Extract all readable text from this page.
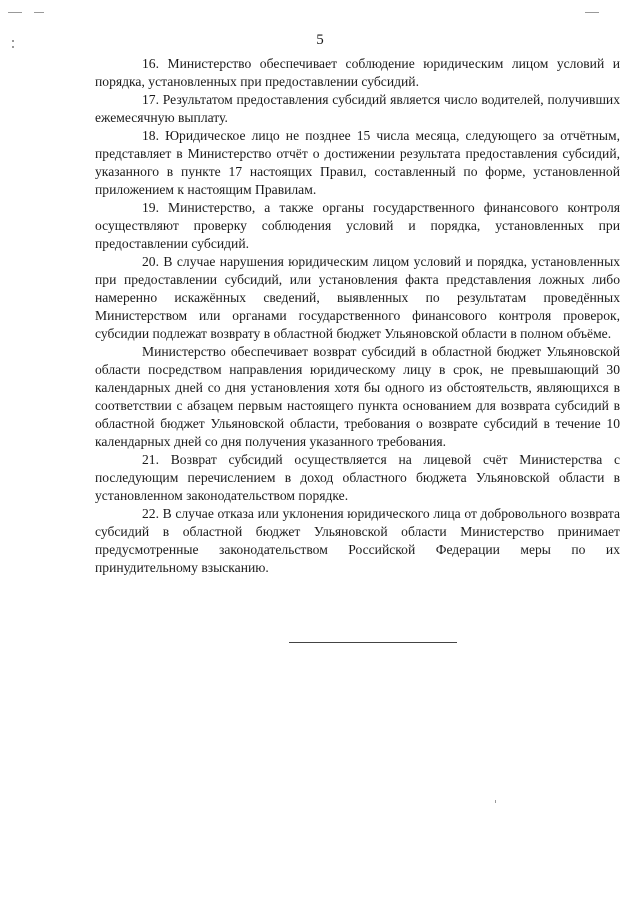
5

16. Министерство обеспечивает соблюдение юридическим лицом условий и порядка, установленных при предоставлении субсидий.

17. Результатом предоставления субсидий является число водителей, получивших ежемесячную выплату.

18. Юридическое лицо не позднее 15 числа месяца, следующего за отчётным, представляет в Министерство отчёт о достижении результата предоставления субсидий, указанного в пункте 17 настоящих Правил, составленный по форме, установленной приложением к настоящим Правилам.

19. Министерство, а также органы государственного финансового контроля осуществляют проверку соблюдения условий и порядка, установленных при предоставлении субсидий.

20. В случае нарушения юридическим лицом условий и порядка, установленных при предоставлении субсидий, или установления факта представления ложных либо намеренно искажённых сведений, выявленных по результатам проведённых Министерством или органами государственного финансового контроля проверок, субсидии подлежат возврату в областной бюджет Ульяновской области в полном объёме.

Министерство обеспечивает возврат субсидий в областной бюджет Ульяновской области посредством направления юридическому лицу в срок, не превышающий 30 календарных дней со дня установления хотя бы одного из обстоятельств, являющихся в соответствии с абзацем первым настоящего пункта основанием для возврата субсидий в областной бюджет Ульяновской области, требования о возврате субсидий в течение 10 календарных дней со дня получения указанного требования.

21. Возврат субсидий осуществляется на лицевой счёт Министерства с последующим перечислением в доход областного бюджета Ульяновской области в установленном законодательством порядке.

22. В случае отказа или уклонения юридического лица от добровольного возврата субсидий в областной бюджет Ульяновской области Министерство принимает предусмотренные законодательством Российской Федерации меры по их принудительному взысканию.
